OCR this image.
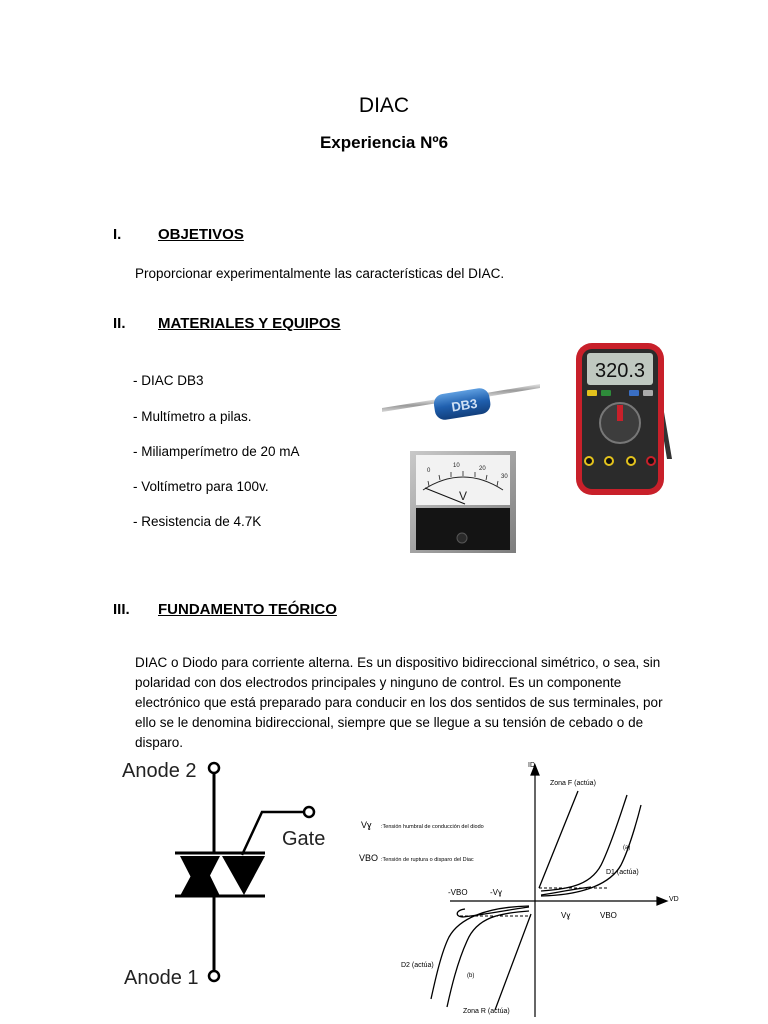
DIAC
Experiencia Nº6
I. OBJETIVOS
Proporcionar experimentalmente las características del DIAC.
II. MATERIALES Y EQUIPOS
- DIAC DB3
- Multímetro a pilas.
- Miliamperímetro de 20 mA
- Voltímetro para 100v.
- Resistencia de 4.7K
DB3
320.3
0
10	20
30
V
III. FUNDAMENTO TEÓRICO
DIAC o Diodo para corriente alterna. Es un dispositivo bidireccional simétrico, o sea, sin polaridad con dos electrodos principales y ninguno de control. Es un componente electrónico que está preparado para conducir en los dos sentidos de sus terminales, por ello se le denomina bidireccional, siempre que se llegue a su tensión de cebado o de disparo.
Anode 2
Gate
Anode 1
ID
VD
Zona F (actúa)
Zona R (actúa)
Vɣ :Tensión humbral de conducción del diodo
VBO :Tensión de ruptura o disparo del Diac
-VBO	-Vɣ
Vɣ	VBO
D1 (actúa)
D2 (actúa)
(a)
(b)
